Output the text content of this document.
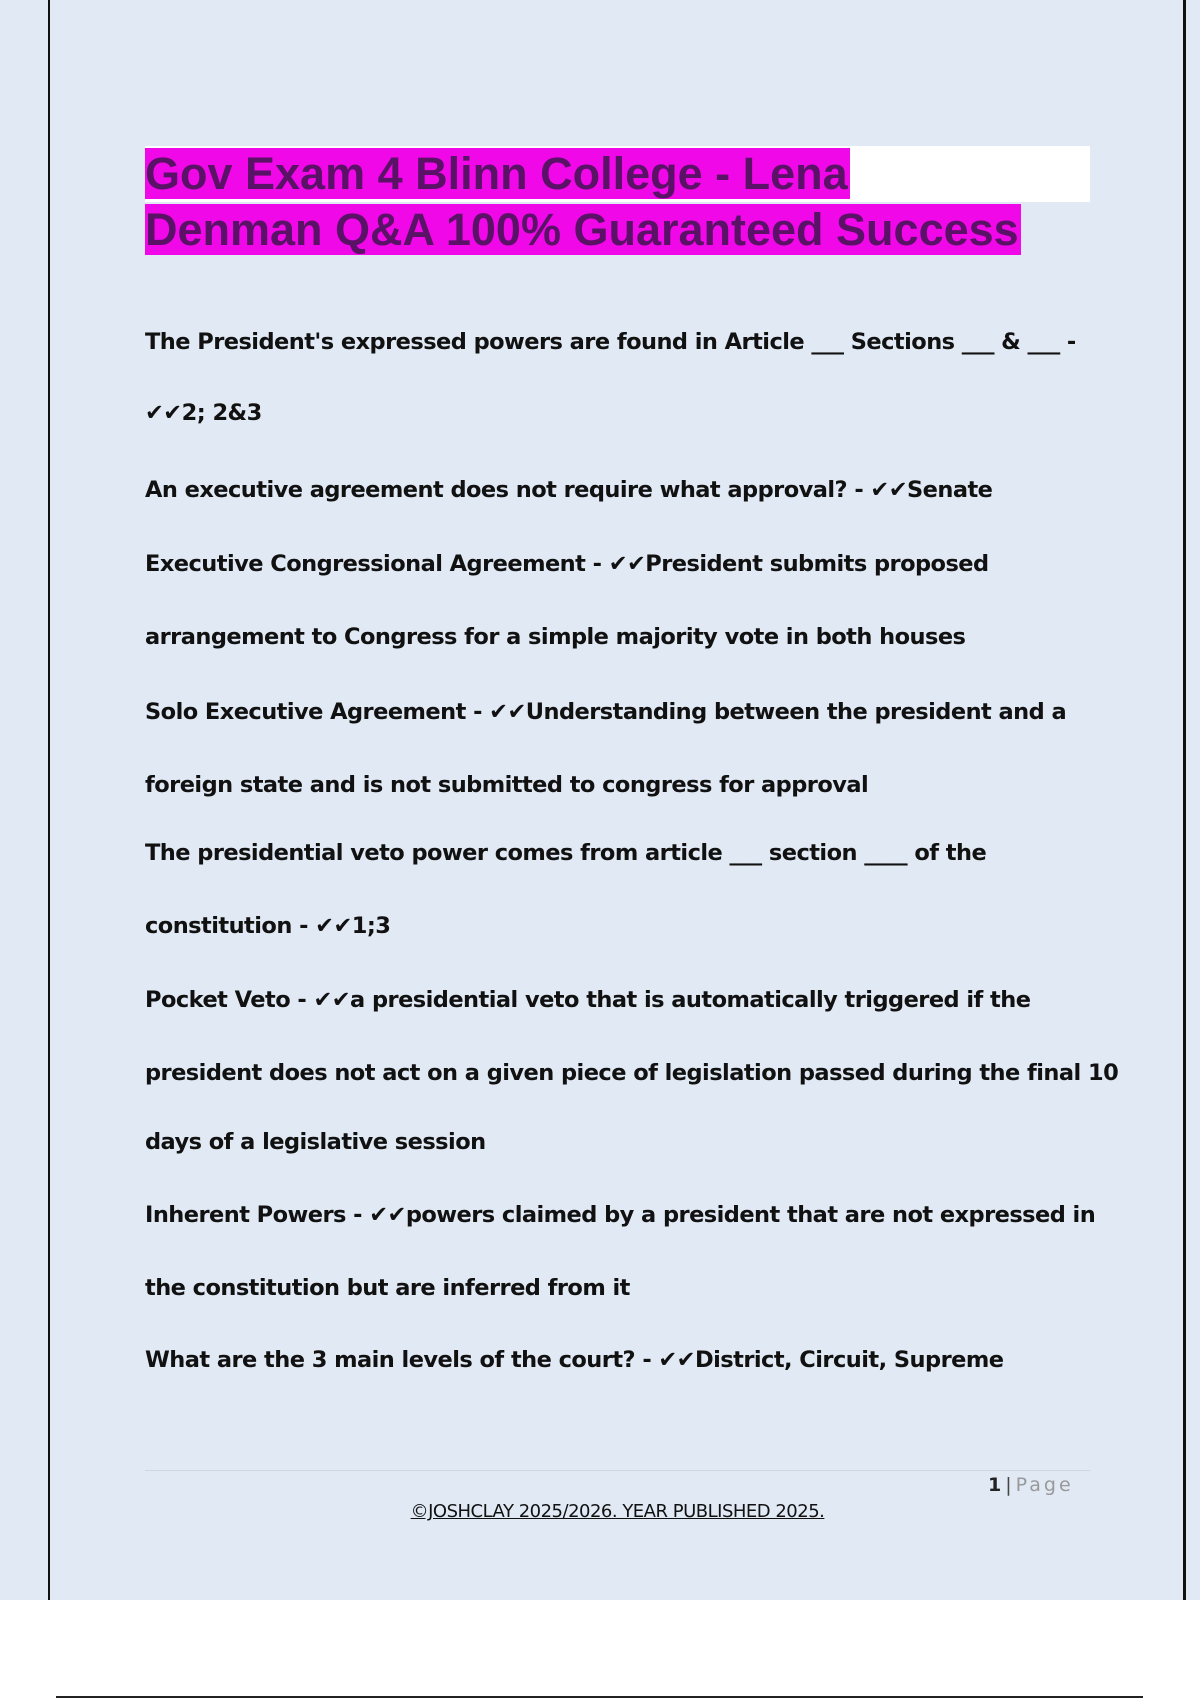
Gov Exam 4 Blinn College - Lena
Denman Q&A 100% Guaranteed Success
The President's expressed powers are found in Article ___ Sections ___ & ___ -
✔✔2; 2&3
An executive agreement does not require what approval? - ✔✔Senate
Executive Congressional Agreement - ✔✔President submits proposed
arrangement to Congress for a simple majority vote in both houses
Solo Executive Agreement - ✔✔Understanding between the president and a
foreign state and is not submitted to congress for approval
The presidential veto power comes from article ___ section ____ of the
constitution - ✔✔1;3
Pocket Veto - ✔✔a presidential veto that is automatically triggered if the
president does not act on a given piece of legislation passed during the final 10
days of a legislative session
Inherent Powers - ✔✔powers claimed by a president that are not expressed in
the constitution but are inferred from it
What are the 3 main levels of the court? - ✔✔District, Circuit, Supreme
1 | Page
©JOSHCLAY 2025/2026. YEAR PUBLISHED 2025.
